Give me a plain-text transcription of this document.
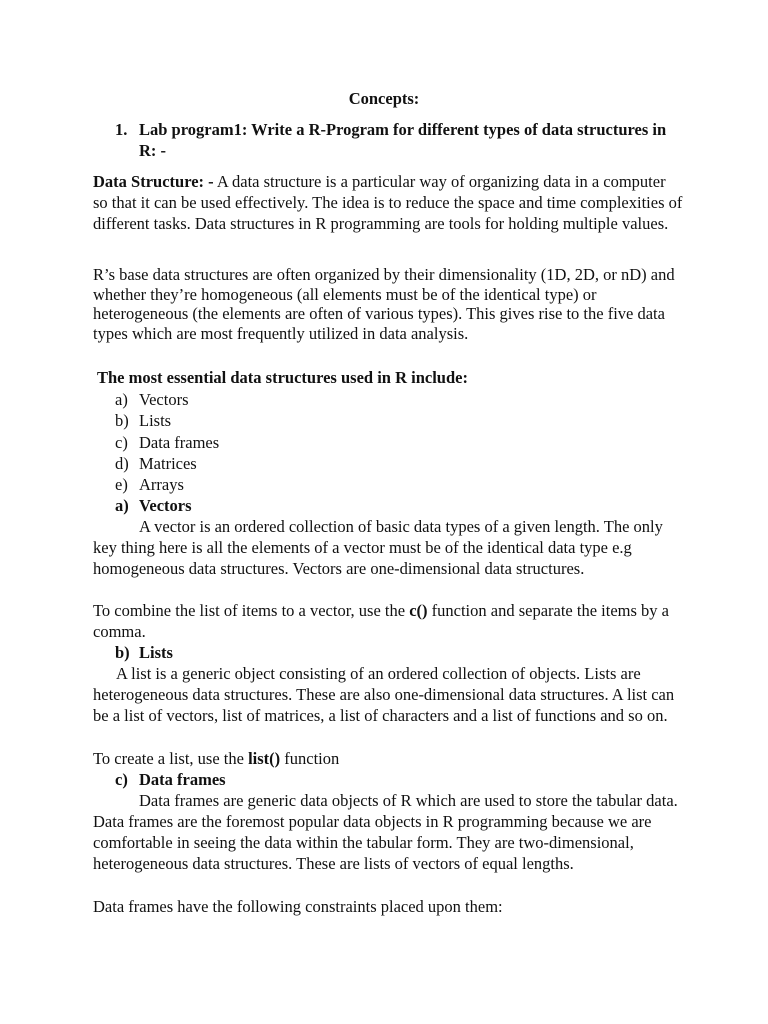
Concepts:
1. Lab program1: Write a R-Program for different types of data structures in R: -

Data Structure: - A data structure is a particular way of organizing data in a computer so that it can be used effectively. The idea is to reduce the space and time complexities of different tasks. Data structures in R programming are tools for holding multiple values.

R’s base data structures are often organized by their dimensionality (1D, 2D, or nD) and whether they’re homogeneous (all elements must be of the identical type) or heterogeneous (the elements are often of various types). This gives rise to the five data types which are most frequently utilized in data analysis.

The most essential data structures used in R include:
a) Vectors
b) Lists
c) Data frames
d) Matrices
e) Arrays
a) Vectors

A vector is an ordered collection of basic data types of a given length. The only key thing here is all the elements of a vector must be of the identical data type e.g homogeneous data structures. Vectors are one-dimensional data structures.

To combine the list of items to a vector, use the c() function and separate the items by a comma.

b) Lists

A list is a generic object consisting of an ordered collection of objects. Lists are heterogeneous data structures. These are also one-dimensional data structures. A list can be a list of vectors, list of matrices, a list of characters and a list of functions and so on.

To create a list, use the list() function

c) Data frames

Data frames are generic data objects of R which are used to store the tabular data. Data frames are the foremost popular data objects in R programming because we are comfortable in seeing the data within the tabular form. They are two-dimensional, heterogeneous data structures. These are lists of vectors of equal lengths.

Data frames have the following constraints placed upon them:
